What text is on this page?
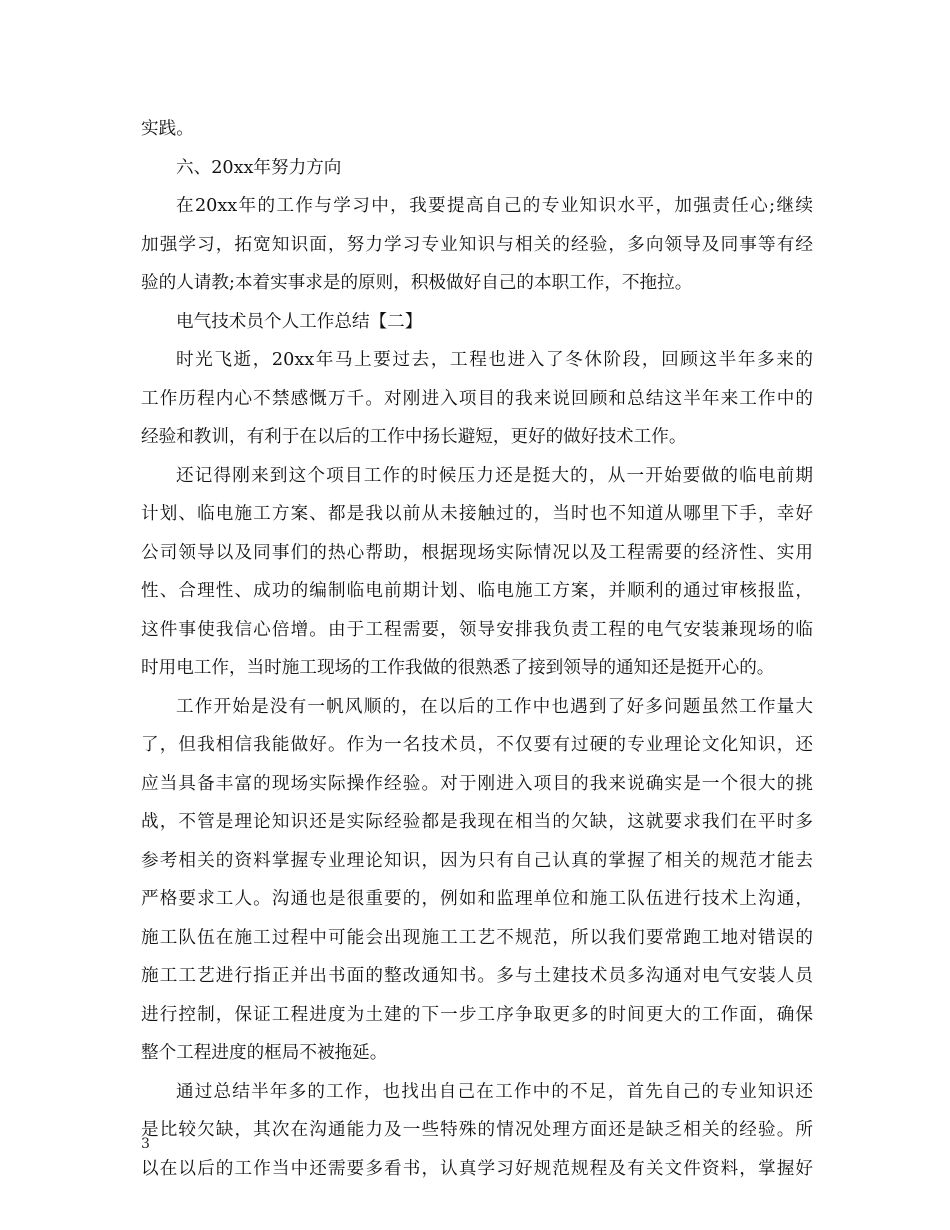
实践。
六、20xx年努力方向
在20xx年的工作与学习中，我要提高自己的专业知识水平，加强责任心;继续
加强学习，拓宽知识面，努力学习专业知识与相关的经验，多向领导及同事等有经
验的人请教;本着实事求是的原则，积极做好自己的本职工作，不拖拉。
电气技术员个人工作总结【二】
时光飞逝，20xx年马上要过去，工程也进入了冬休阶段，回顾这半年多来的
工作历程内心不禁感慨万千。对刚进入项目的我来说回顾和总结这半年来工作中的
经验和教训，有利于在以后的工作中扬长避短，更好的做好技术工作。
还记得刚来到这个项目工作的时候压力还是挺大的，从一开始要做的临电前期
计划、临电施工方案、都是我以前从未接触过的，当时也不知道从哪里下手，幸好
公司领导以及同事们的热心帮助，根据现场实际情况以及工程需要的经济性、实用
性、合理性、成功的编制临电前期计划、临电施工方案，并顺利的通过审核报监，
这件事使我信心倍增。由于工程需要，领导安排我负责工程的电气安装兼现场的临
时用电工作，当时施工现场的工作我做的很熟悉了接到领导的通知还是挺开心的。
工作开始是没有一帆风顺的，在以后的工作中也遇到了好多问题虽然工作量大
了，但我相信我能做好。作为一名技术员，不仅要有过硬的专业理论文化知识，还
应当具备丰富的现场实际操作经验。对于刚进入项目的我来说确实是一个很大的挑
战，不管是理论知识还是实际经验都是我现在相当的欠缺，这就要求我们在平时多
参考相关的资料掌握专业理论知识，因为只有自己认真的掌握了相关的规范才能去
严格要求工人。沟通也是很重要的，例如和监理单位和施工队伍进行技术上沟通，
施工队伍在施工过程中可能会出现施工工艺不规范，所以我们要常跑工地对错误的
施工工艺进行指正并出书面的整改通知书。多与土建技术员多沟通对电气安装人员
进行控制，保证工程进度为土建的下一步工序争取更多的时间更大的工作面，确保
整个工程进度的框局不被拖延。
通过总结半年多的工作，也找出自己在工作中的不足，首先自己的专业知识还
是比较欠缺，其次在沟通能力及一些特殊的情况处理方面还是缺乏相关的经验。所
以在以后的工作当中还需要多看书，认真学习好规范规程及有关文件资料，掌握好
3
